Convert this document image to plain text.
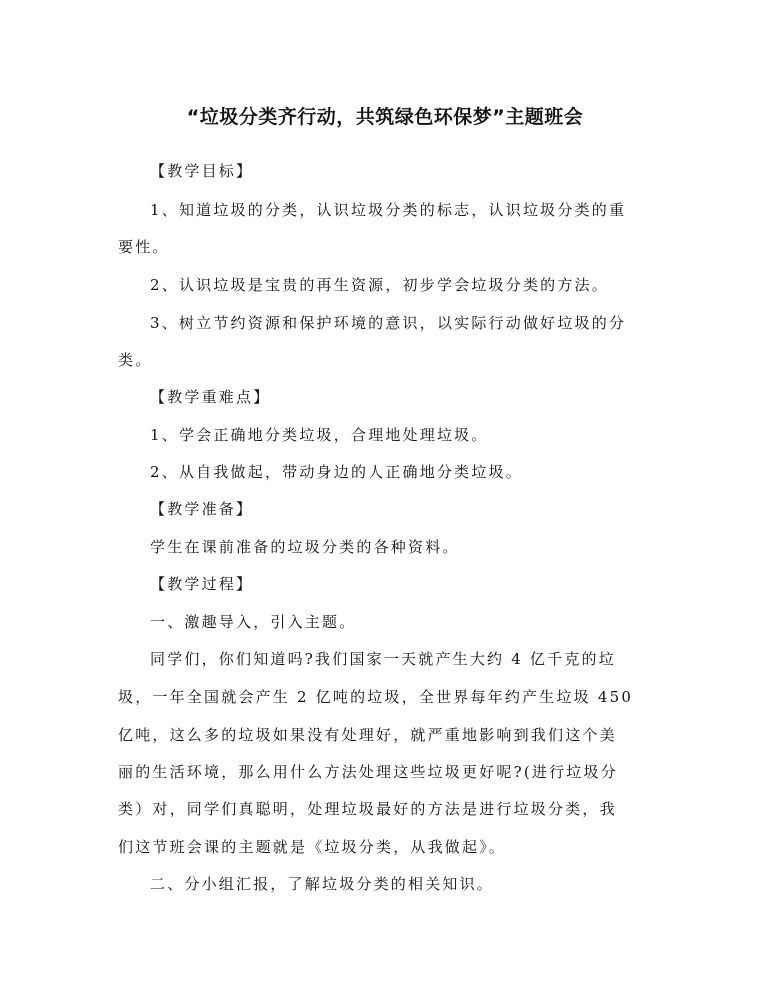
“垃圾分类齐行动，共筑绿色环保梦”主题班会
【教学目标】
1、知道垃圾的分类，认识垃圾分类的标志，认识垃圾分类的重
要性。
2、认识垃圾是宝贵的再生资源，初步学会垃圾分类的方法。
3、树立节约资源和保护环境的意识，以实际行动做好垃圾的分
类。
【教学重难点】
1、学会正确地分类垃圾，合理地处理垃圾。
2、从自我做起，带动身边的人正确地分类垃圾。
【教学准备】
学生在课前准备的垃圾分类的各种资料。
【教学过程】
一、激趣导入，引入主题。
同学们，你们知道吗?我们国家一天就产生大约 4 亿千克的垃
圾，一年全国就会产生 2 亿吨的垃圾，全世界每年约产生垃圾 450
亿吨，这么多的垃圾如果没有处理好，就严重地影响到我们这个美
丽的生活环境，那么用什么方法处理这些垃圾更好呢?(进行垃圾分
类）对，同学们真聪明，处理垃圾最好的方法是进行垃圾分类，我
们这节班会课的主题就是《垃圾分类，从我做起》。
二、分小组汇报，了解垃圾分类的相关知识。
